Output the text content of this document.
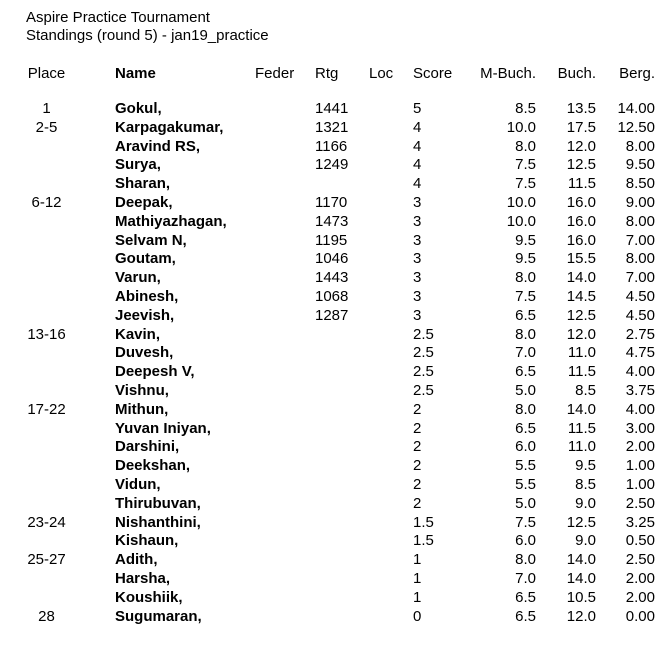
Aspire Practice Tournament
Standings (round 5) - jan19_practice
Place	Name	Feder	Rtg	Loc	Score	M-Buch.	Buch.	Berg.

1	Gokul,		1441		5	8.5	13.5	14.00
2-5	Karpagakumar,		1321		4	10.0	17.5	12.50
	Aravind RS,		1166		4	8.0	12.0	8.00
	Surya,		1249		4	7.5	12.5	9.50
	Sharan,				4	7.5	11.5	8.50
6-12	Deepak,		1170		3	10.0	16.0	9.00
	Mathiyazhagan,		1473		3	10.0	16.0	8.00
	Selvam N,		1195		3	9.5	16.0	7.00
	Goutam,		1046		3	9.5	15.5	8.00
	Varun,		1443		3	8.0	14.0	7.00
	Abinesh,		1068		3	7.5	14.5	4.50
	Jeevish,		1287		3	6.5	12.5	4.50
13-16	Kavin,				2.5	8.0	12.0	2.75
	Duvesh,				2.5	7.0	11.0	4.75
	Deepesh V,				2.5	6.5	11.5	4.00
	Vishnu,				2.5	5.0	8.5	3.75
17-22	Mithun,				2	8.0	14.0	4.00
	Yuvan Iniyan,				2	6.5	11.5	3.00
	Darshini,				2	6.0	11.0	2.00
	Deekshan,				2	5.5	9.5	1.00
	Vidun,				2	5.5	8.5	1.00
	Thirubuvan,				2	5.0	9.0	2.50
23-24	Nishanthini,				1.5	7.5	12.5	3.25
	Kishaun,				1.5	6.0	9.0	0.50
25-27	Adith,				1	8.0	14.0	2.50
	Harsha,				1	7.0	14.0	2.00
	Koushiik,				1	6.5	10.5	2.00
28	Sugumaran,				0	6.5	12.0	0.00
